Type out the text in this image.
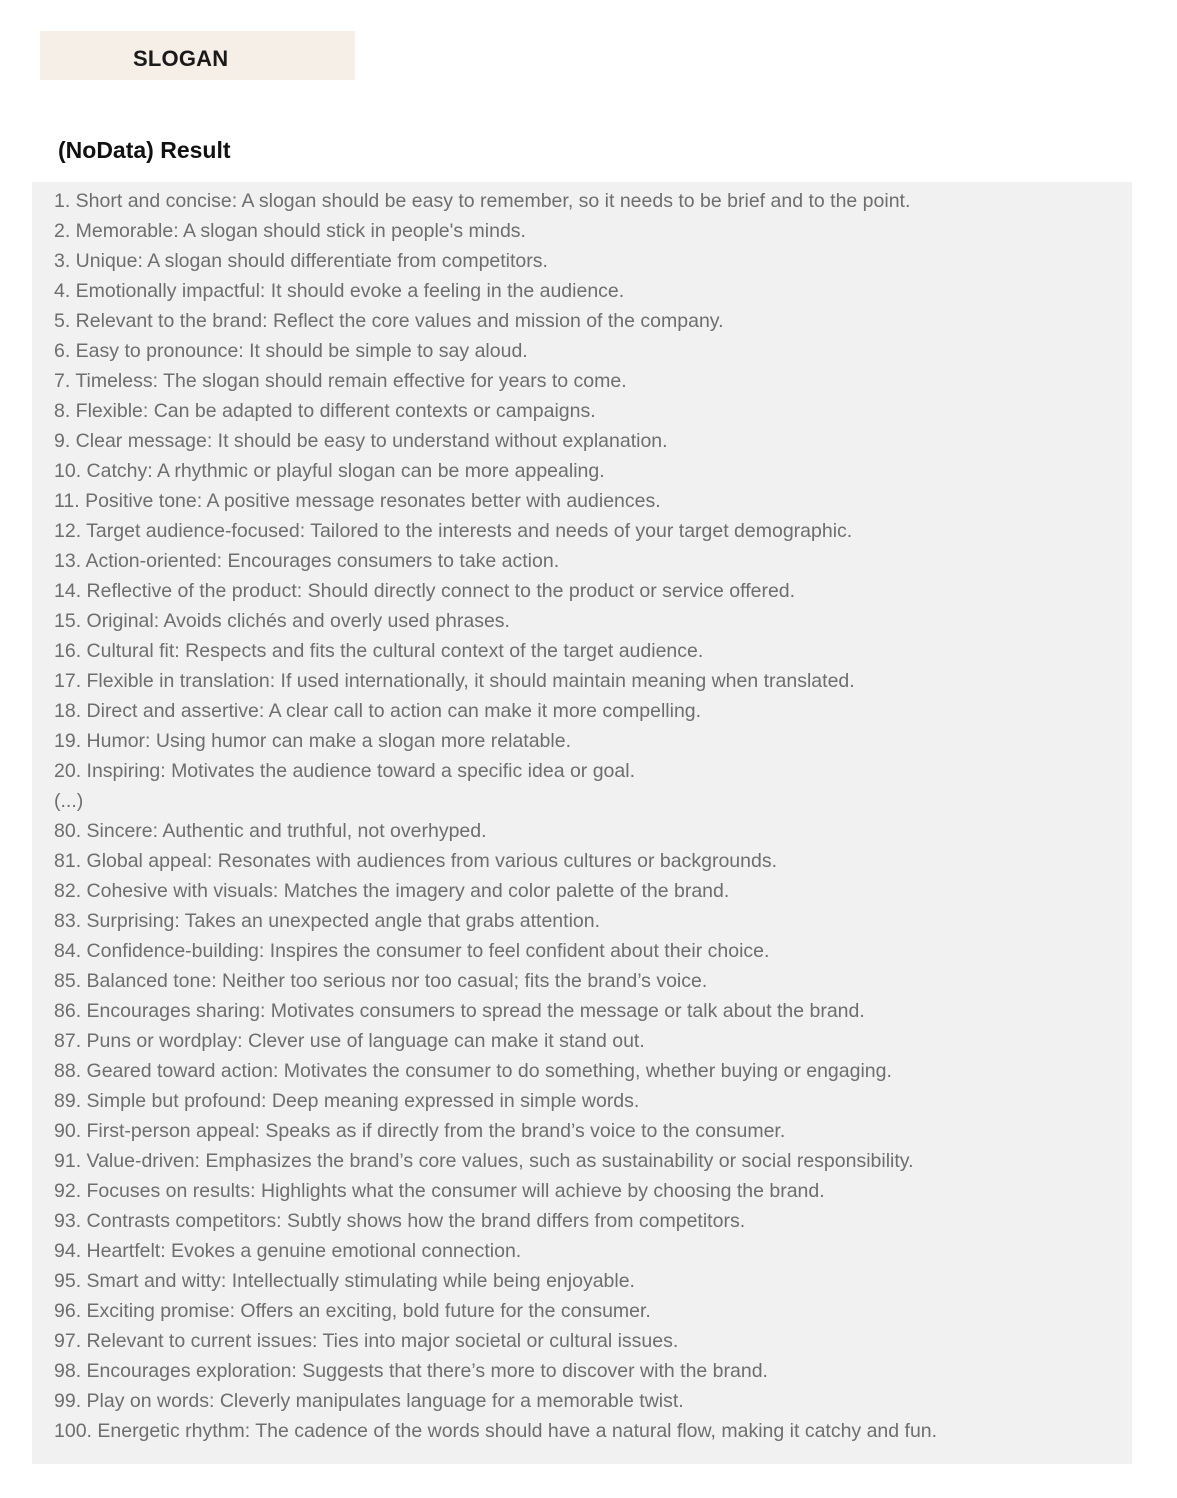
SLOGAN
(NoData) Result
1. Short and concise: A slogan should be easy to remember, so it needs to be brief and to the point.
2. Memorable: A slogan should stick in people's minds.
3. Unique: A slogan should differentiate from competitors.
4. Emotionally impactful: It should evoke a feeling in the audience.
5. Relevant to the brand: Reflect the core values and mission of the company.
6. Easy to pronounce: It should be simple to say aloud.
7. Timeless: The slogan should remain effective for years to come.
8. Flexible: Can be adapted to different contexts or campaigns.
9. Clear message: It should be easy to understand without explanation.
10. Catchy: A rhythmic or playful slogan can be more appealing.
11. Positive tone: A positive message resonates better with audiences.
12. Target audience-focused: Tailored to the interests and needs of your target demographic.
13. Action-oriented: Encourages consumers to take action.
14. Reflective of the product: Should directly connect to the product or service offered.
15. Original: Avoids clichés and overly used phrases.
16. Cultural fit: Respects and fits the cultural context of the target audience.
17. Flexible in translation: If used internationally, it should maintain meaning when translated.
18. Direct and assertive: A clear call to action can make it more compelling.
19. Humor: Using humor can make a slogan more relatable.
20. Inspiring: Motivates the audience toward a specific idea or goal.
(...)
80. Sincere: Authentic and truthful, not overhyped.
81. Global appeal: Resonates with audiences from various cultures or backgrounds.
82. Cohesive with visuals: Matches the imagery and color palette of the brand.
83. Surprising: Takes an unexpected angle that grabs attention.
84. Confidence-building: Inspires the consumer to feel confident about their choice.
85. Balanced tone: Neither too serious nor too casual; fits the brand’s voice.
86. Encourages sharing: Motivates consumers to spread the message or talk about the brand.
87. Puns or wordplay: Clever use of language can make it stand out.
88. Geared toward action: Motivates the consumer to do something, whether buying or engaging.
89. Simple but profound: Deep meaning expressed in simple words.
90. First-person appeal: Speaks as if directly from the brand’s voice to the consumer.
91. Value-driven: Emphasizes the brand’s core values, such as sustainability or social responsibility.
92. Focuses on results: Highlights what the consumer will achieve by choosing the brand.
93. Contrasts competitors: Subtly shows how the brand differs from competitors.
94. Heartfelt: Evokes a genuine emotional connection.
95. Smart and witty: Intellectually stimulating while being enjoyable.
96. Exciting promise: Offers an exciting, bold future for the consumer.
97. Relevant to current issues: Ties into major societal or cultural issues.
98. Encourages exploration: Suggests that there’s more to discover with the brand.
99. Play on words: Cleverly manipulates language for a memorable twist.
100. Energetic rhythm: The cadence of the words should have a natural flow, making it catchy and fun.
